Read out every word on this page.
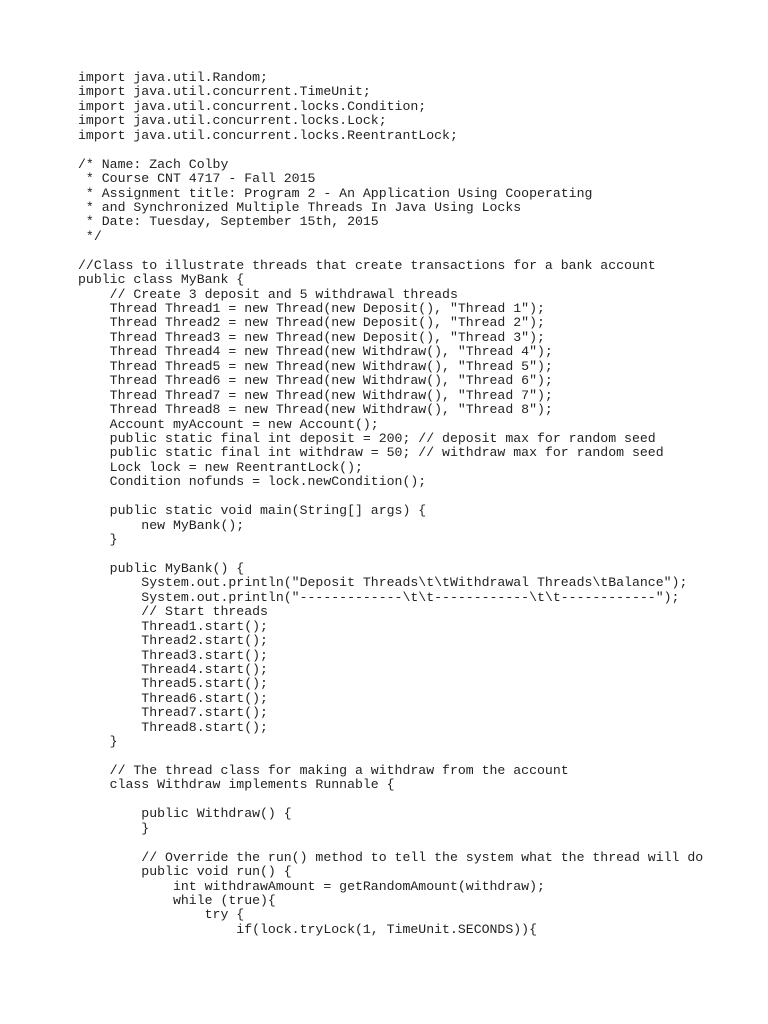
import java.util.Random;
import java.util.concurrent.TimeUnit;
import java.util.concurrent.locks.Condition;
import java.util.concurrent.locks.Lock;
import java.util.concurrent.locks.ReentrantLock;
/* Name: Zach Colby
* Course CNT 4717 - Fall 2015
* Assignment title: Program 2 - An Application Using Cooperating
* and Synchronized Multiple Threads In Java Using Locks
* Date: Tuesday, September 15th, 2015
*/
//Class to illustrate threads that create transactions for a bank account
public class MyBank {
// Create 3 deposit and 5 withdrawal threads
Thread Thread1 = new Thread(new Deposit(), "Thread 1");
Thread Thread2 = new Thread(new Deposit(), "Thread 2");
Thread Thread3 = new Thread(new Deposit(), "Thread 3");
Thread Thread4 = new Thread(new Withdraw(), "Thread 4");
Thread Thread5 = new Thread(new Withdraw(), "Thread 5");
Thread Thread6 = new Thread(new Withdraw(), "Thread 6");
Thread Thread7 = new Thread(new Withdraw(), "Thread 7");
Thread Thread8 = new Thread(new Withdraw(), "Thread 8");
Account myAccount = new Account();
public static final int deposit = 200; // deposit max for random seed
public static final int withdraw = 50; // withdraw max for random seed
Lock lock = new ReentrantLock();
Condition nofunds = lock.newCondition();
public static void main(String[] args) {
new MyBank();
}
public MyBank() {
System.out.println("Deposit Threads\t\tWithdrawal Threads\tBalance");
System.out.println("-------------\t\t------------\t\t------------");
// Start threads
Thread1.start();
Thread2.start();
Thread3.start();
Thread4.start();
Thread5.start();
Thread6.start();
Thread7.start();
Thread8.start();
}
// The thread class for making a withdraw from the account
class Withdraw implements Runnable {
public Withdraw() {
}
// Override the run() method to tell the system what the thread will do
public void run() {
int withdrawAmount = getRandomAmount(withdraw);
while (true){
try {
if(lock.tryLock(1, TimeUnit.SECONDS)){
